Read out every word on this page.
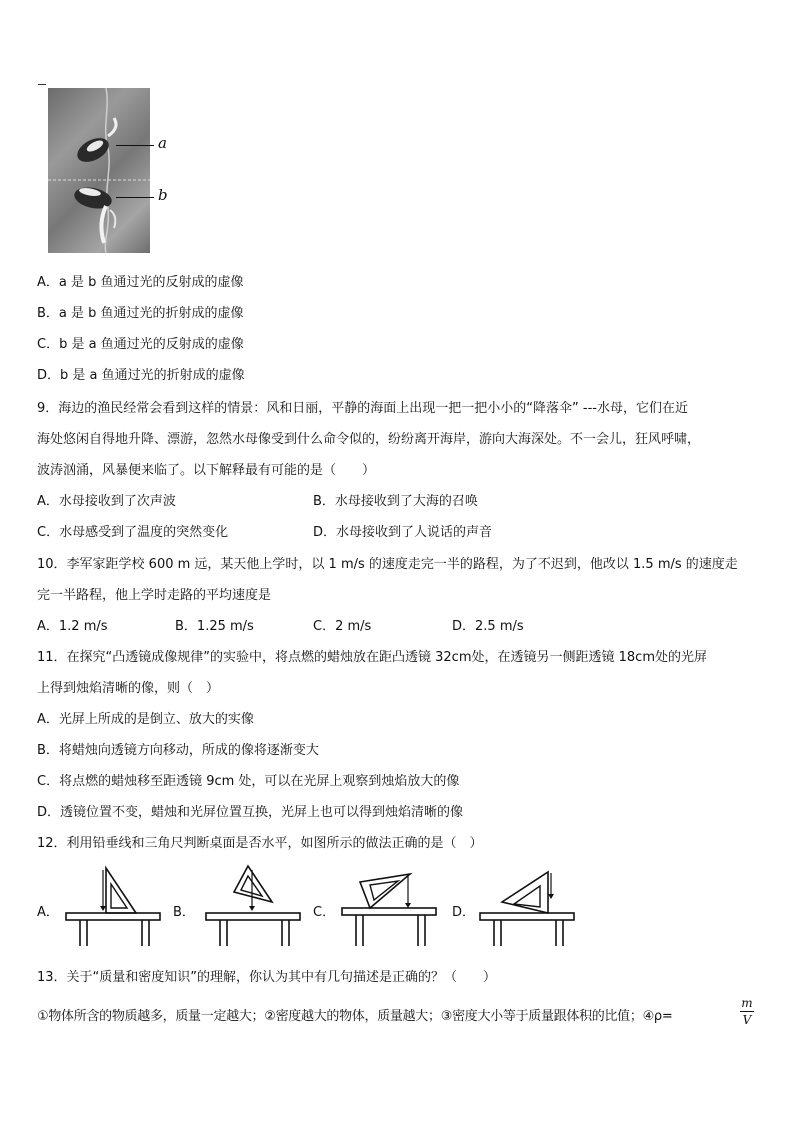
a
b
A．a 是 b 鱼通过光的反射成的虚像
B．a 是 b 鱼通过光的折射成的虚像
C．b 是 a 鱼通过光的反射成的虚像
D．b 是 a 鱼通过光的折射成的虚像
9．海边的渔民经常会看到这样的情景：风和日丽，平静的海面上出现一把一把小小的“降落伞” ---水母，它们在近
海处悠闲自得地升降、漂游，忽然水母像受到什么命令似的，纷纷离开海岸，游向大海深处。不一会儿，狂风呼啸，
波涛汹涌，风暴便来临了。以下解释最有可能的是（　　）
A．水母接收到了次声波	B．水母接收到了大海的召唤
C．水母感受到了温度的突然变化	D．水母接收到了人说话的声音
10．李军家距学校 600 m 远，某天他上学时，以 1 m/s 的速度走完一半的路程，为了不迟到，他改以 1.5 m/s 的速度走
完一半路程，他上学时走路的平均速度是
A．1.2 m/s	B．1.25 m/s	C．2 m/s	D．2.5 m/s
11．在探究“凸透镜成像规律”的实验中，将点燃的蜡烛放在距凸透镜 32cm处，在透镜另一侧距透镜 18cm处的光屏
上得到烛焰清晰的像，则（　）
A．光屏上所成的是倒立、放大的实像
B．将蜡烛向透镜方向移动，所成的像将逐渐变大
C．将点燃的蜡烛移至距透镜 9cm 处，可以在光屏上观察到烛焰放大的像
D．透镜位置不变，蜡烛和光屏位置互换，光屏上也可以得到烛焰清晰的像
12．利用铅垂线和三角尺判断桌面是否水平，如图所示的做法正确的是（　）
A．	B．	C．	D．
13．关于“质量和密度知识”的理解，你认为其中有几句描述是正确的？（　　）
①物体所含的物质越多，质量一定越大；②密度越大的物体，质量越大；③密度大小等于质量跟体积的比值；④ρ=
m
V
